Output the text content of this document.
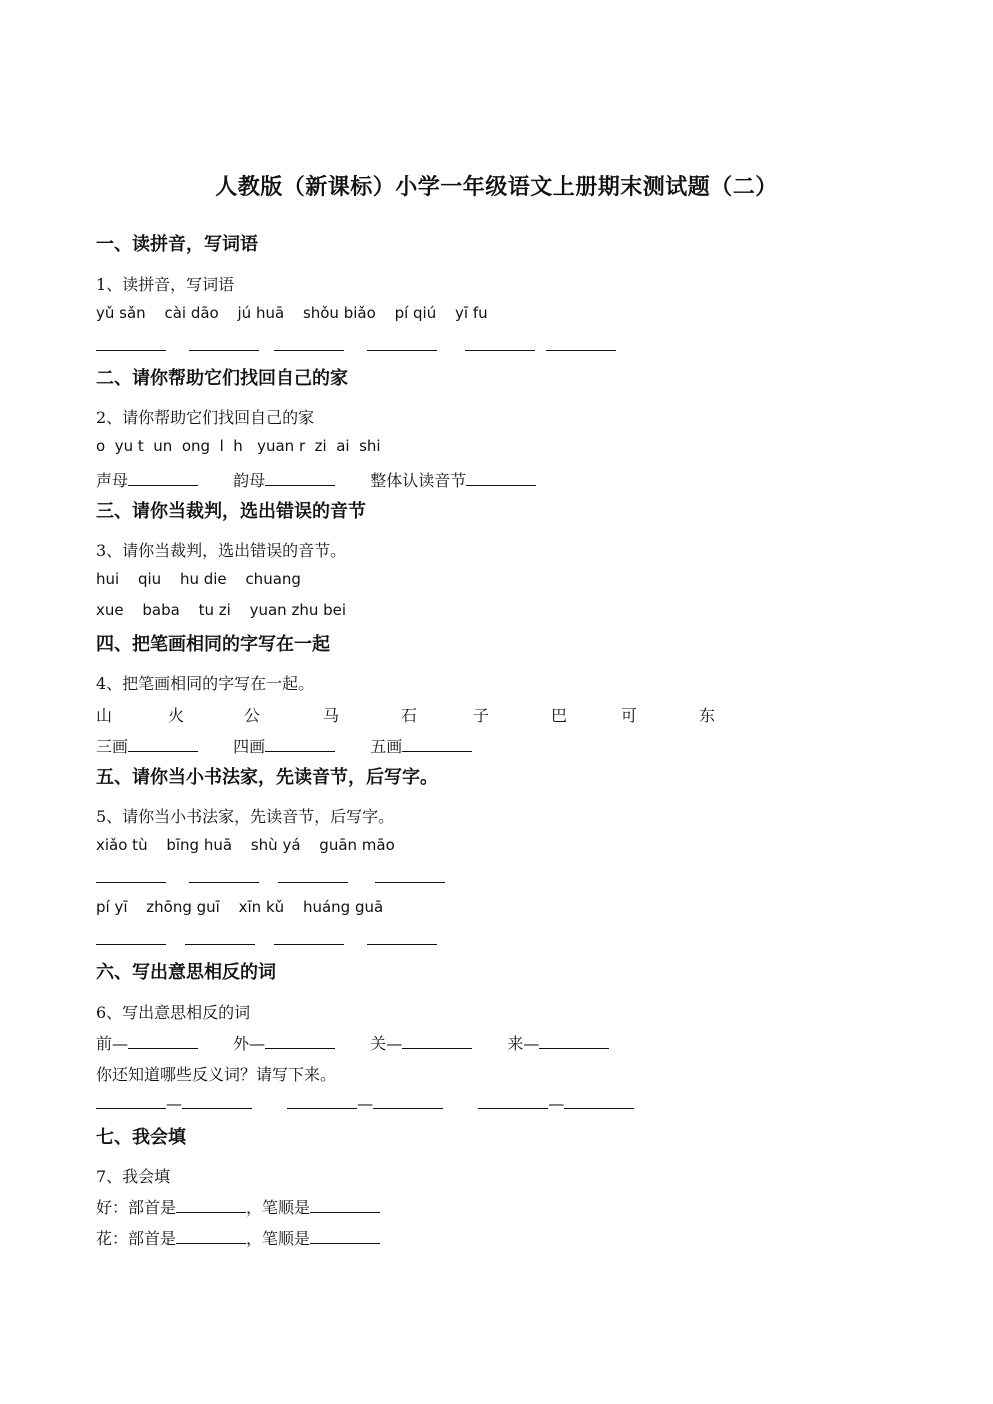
人教版（新课标）小学一年级语文上册期末测试题（二）
一、读拼音，写词语
1、读拼音，写词语
yǔ sǎn cài dāo jú huā shǒu biǎo pí qiú yī fu
二、请你帮助它们找回自己的家
2、请你帮助它们找回自己的家
o  yu t  un  ong  l  h   yuan r  zi  ai  shi
声母	韵母	整体认读音节
三、请你当裁判，选出错误的音节
3、请你当裁判，选出错误的音节。
hui qiu hu die chuang
xue baba tu zi yuan zhu bei
四、把笔画相同的字写在一起
4、把笔画相同的字写在一起。
山	火	公	马	石	子	巴	可	东
三画	四画	五画
五、请你当小书法家，先读音节，后写字。
5、请你当小书法家，先读音节，后写字。
xiǎo tù bīng huā shù yá guān māo
pí yī zhōng guī xīn kǔ huáng guā
六、写出意思相反的词
6、写出意思相反的词
前—	外—	关—	来—
你还知道哪些反义词？请写下来。
—	—	—
七、我会填
7、我会填
好：部首是	，笔顺是
花：部首是	，笔顺是
